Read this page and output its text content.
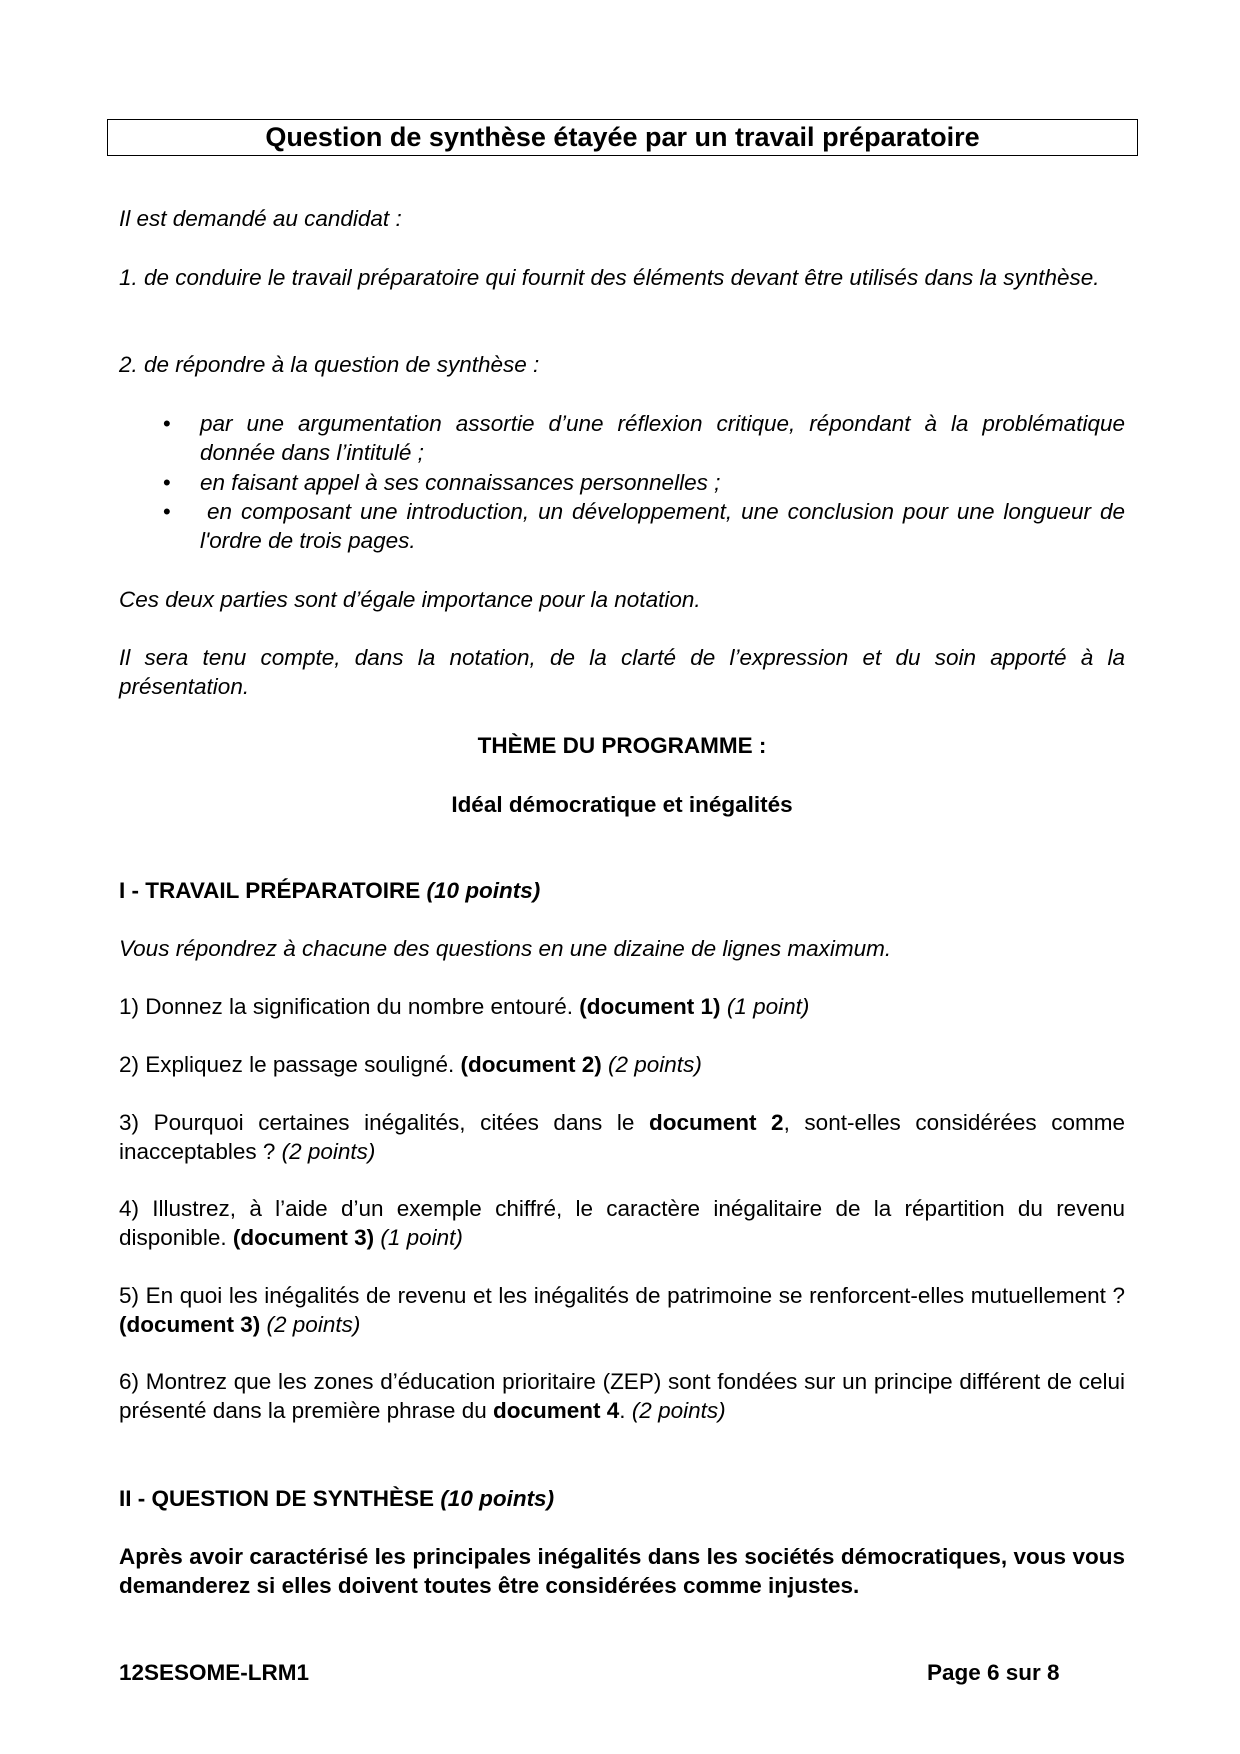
Question de synthèse étayée par un travail préparatoire
Il est demandé au candidat :
1. de conduire le travail préparatoire qui fournit des éléments devant être utilisés dans la synthèse.
2. de répondre à la question de synthèse :
• par une argumentation assortie d’une réflexion critique, répondant à la problématique donnée dans l’intitulé ;
• en faisant appel à ses connaissances personnelles ;
•	en composant une introduction, un développement, une conclusion pour une longueur de l'ordre de trois pages.
Ces deux parties sont d’égale importance pour la notation.
Il sera tenu compte, dans la notation, de la clarté de l’expression et du soin apporté à la présentation.
THÈME DU PROGRAMME :
Idéal démocratique et inégalités
I - TRAVAIL PRÉPARATOIRE (10 points)
Vous répondrez à chacune des questions en une dizaine de lignes maximum.
1) Donnez la signification du nombre entouré. (document 1) (1 point)
2) Expliquez le passage souligné. (document 2) (2 points)
3) Pourquoi certaines inégalités, citées dans le document 2, sont-elles considérées comme inacceptables ? (2 points)
4) Illustrez, à l’aide d’un exemple chiffré, le caractère inégalitaire de la répartition du revenu disponible. (document 3) (1 point)
5) En quoi les inégalités de revenu et les inégalités de patrimoine se renforcent-elles mutuellement ? (document 3) (2 points)
6) Montrez que les zones d’éducation prioritaire (ZEP) sont fondées sur un principe différent de celui présenté dans la première phrase du document 4. (2 points)
II - QUESTION DE SYNTHÈSE (10 points)
Après avoir caractérisé les principales inégalités dans les sociétés démocratiques, vous vous demanderez si elles doivent toutes être considérées comme injustes.
12SESOME-LRM1	Page 6 sur 8
